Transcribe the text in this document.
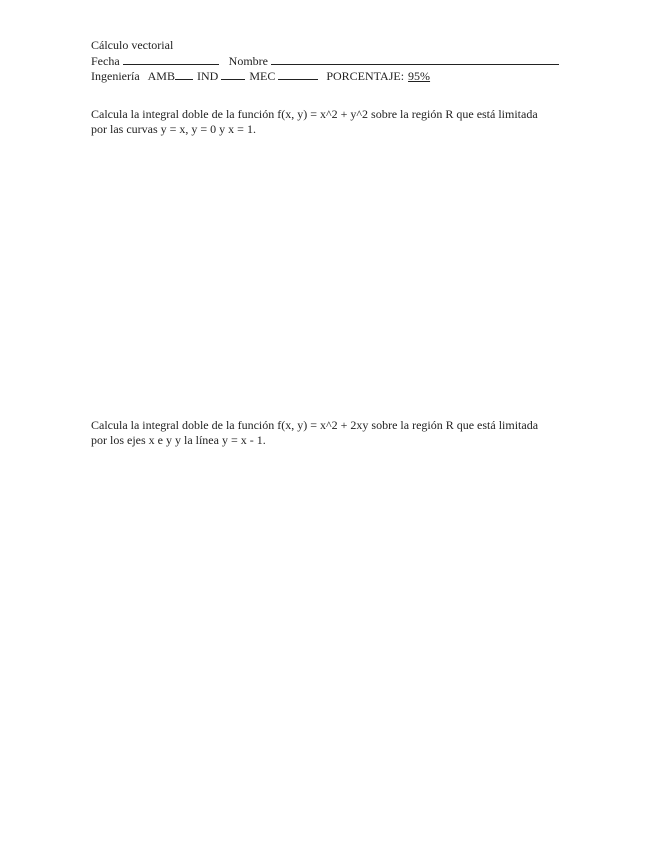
Cálculo vectorial
Fecha	Nombre
Ingeniería AMB IND	MEC	PORCENTAJE: 95%
Calcula la integral doble de la función f(x, y) = x^2 + y^2 sobre la región R que está limitada
por las curvas y = x, y = 0 y x = 1.
Calcula la integral doble de la función f(x, y) = x^2 + 2xy sobre la región R que está limitada
por los ejes x e y y la línea y = x - 1.
